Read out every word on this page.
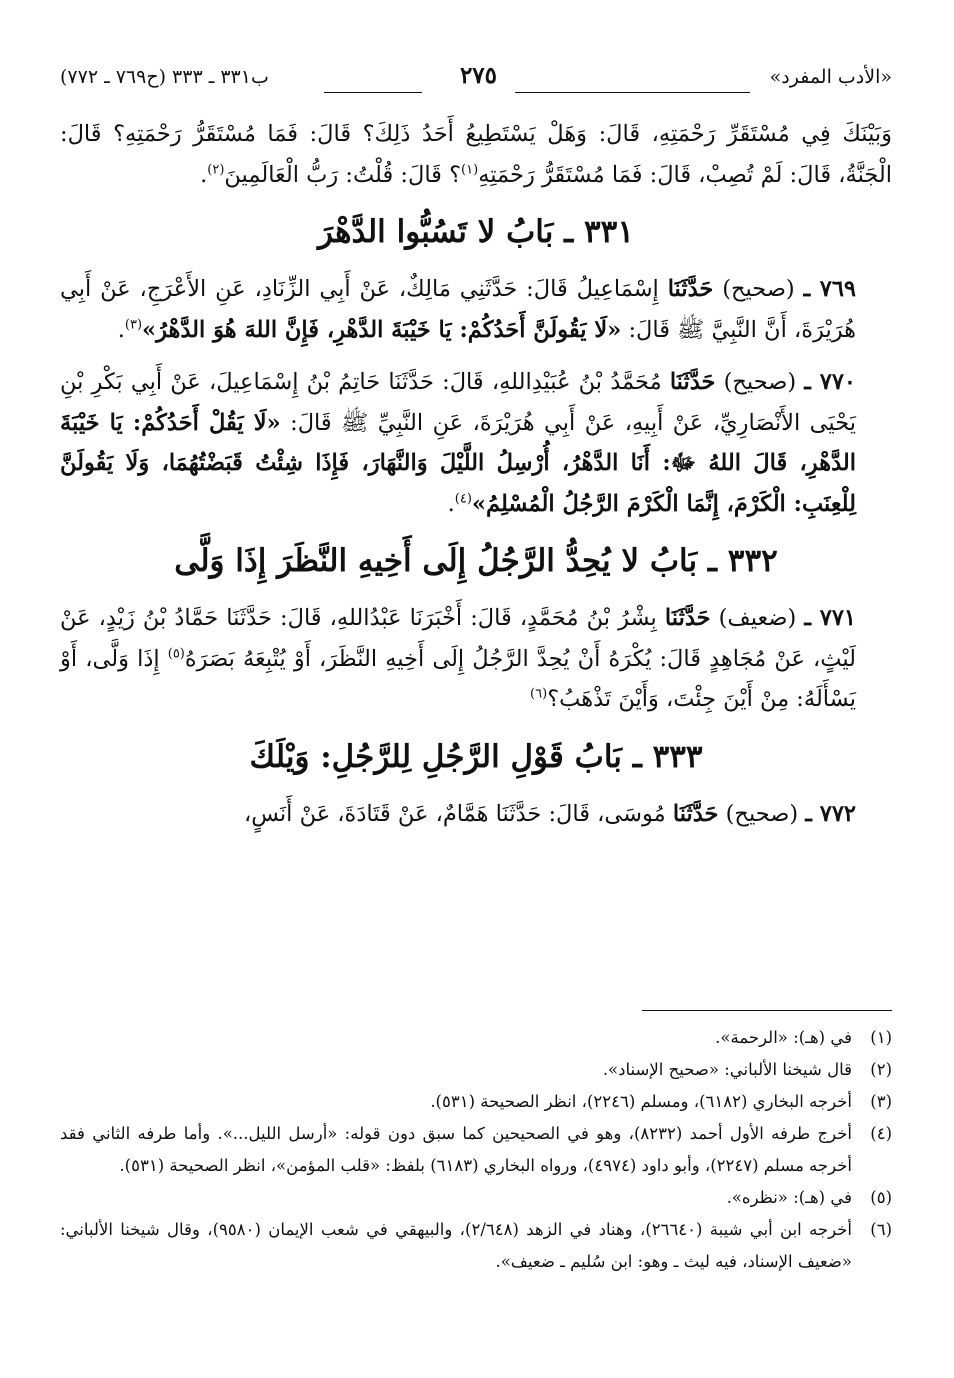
«الأدب المفرد»
٢٧٥
ب٣٣١ ـ ٣٣٣ (ح٧٦٩ ـ ٧٧٢)

وَبَيْنَكَ فِي مُسْتَقَرِّ رَحْمَتِهِ، قَالَ: وَهَلْ يَسْتَطِيعُ أَحَدُ ذَلِكَ؟ قَالَ: فَمَا مُسْتَقَرُّ رَحْمَتِهِ؟ قَالَ: الْجَنَّةُ، قَالَ: لَمْ تُصِبْ، قَالَ: فَمَا مُسْتَقَرُّ رَحْمَتِهِ$^{(١)}$؟ قَالَ: قُلْتُ: رَبُّ الْعَالَمِينَ$^{(٢)}$.

٣٣١ ـ بَابُ لا تَسُبُّوا الدَّهْرَ

٧٦٩ ـ (صحيح) حَدَّثَنَا إِسْمَاعِيلُ قَالَ: حَدَّثَنِي مَالِكٌ، عَنْ أَبِي الزِّنَادِ، عَنِ الأَعْرَجِ، عَنْ أَبِي هُرَيْرَةَ، أَنَّ النَّبِيَّ ﷺ قَالَ: «لَا يَقُولَنَّ أَحَدُكُمْ: يَا خَيْبَةَ الدَّهْرِ، فَإِنَّ اللهَ هُوَ الدَّهْرُ»$^{(٣)}$.

٧٧٠ ـ (صحيح) حَدَّثَنَا مُحَمَّدُ بْنُ عُبَيْدِاللهِ، قَالَ: حَدَّثَنَا حَاتِمُ بْنُ إِسْمَاعِيلَ، عَنْ أَبِي بَكْرِ بْنِ يَحْيَى الأَنْصَارِيِّ، عَنْ أَبِيهِ، عَنْ أَبِي هُرَيْرَةَ، عَنِ النَّبِيِّ ﷺ قَالَ: «لَا يَقُلْ أَحَدُكُمْ: يَا خَيْبَةَ الدَّهْرِ، قَالَ اللهُ ﷻ: أَنَا الدَّهْرُ، أُرْسِلُ اللَّيْلَ وَالنَّهَارَ، فَإِذَا شِئْتُ قَبَضْتُهُمَا، وَلَا يَقُولَنَّ لِلْعِنَبِ: الْكَرْمَ، إِنَّمَا الْكَرْمَ الرَّجُلُ الْمُسْلِمُ»$^{(٤)}$.

٣٣٢ ـ بَابُ لا يُحِدُّ الرَّجُلُ إِلَى أَخِيهِ النَّظَرَ إِذَا وَلَّى

٧٧١ ـ (ضعيف) حَدَّثَنَا بِشْرُ بْنُ مُحَمَّدٍ، قَالَ: أَخْبَرَنَا عَبْدُاللهِ، قَالَ: حَدَّثَنَا حَمَّادُ بْنُ زَيْدٍ، عَنْ لَيْثٍ، عَنْ مُجَاهِدٍ قَالَ: يُكْرَهُ أَنْ يُحِدَّ الرَّجُلُ إِلَى أَخِيهِ النَّظَرَ، أَوْ يُتْبِعَهُ بَصَرَهُ$^{(٥)}$ إِذَا وَلَّى، أَوْ يَسْأَلَهُ: مِنْ أَيْنَ جِئْتَ، وَأَيْنَ تَذْهَبُ؟$^{(٦)}$

٣٣٣ ـ بَابُ قَوْلِ الرَّجُلِ لِلرَّجُلِ: وَيْلَكَ

٧٧٢ ـ (صحيح) حَدَّثَنَا مُوسَى، قَالَ: حَدَّثَنَا هَمَّامٌ، عَنْ قَتَادَةَ، عَنْ أَنَسٍ،

(١)
في (هـ): «الرحمة».
(٢)
قال شيخنا الألباني: «صحيح الإسناد».
(٣)
أخرجه البخاري (٦١٨٢)، ومسلم (٢٢٤٦)، انظر الصحيحة (٥٣١).
(٤)
أخرج طرفه الأول أحمد (٨٢٣٢)، وهو في الصحيحين كما سبق دون قوله: «أرسل الليل...». وأما طرفه الثاني فقد أخرجه مسلم (٢٢٤٧)، وأبو داود (٤٩٧٤)، ورواه البخاري (٦١٨٣) بلفظ: «قلب المؤمن»، انظر الصحيحة (٥٣١).
(٥)
في (هـ): «نظره».
(٦)
أخرجه ابن أبي شيبة (٢٦٦٤٠)، وهناد في الزهد (٢/٦٤٨)، والبيهقي في شعب الإيمان (٩٥٨٠)، وقال شيخنا الألباني: «ضعيف الإسناد، فيه ليث ـ وهو: ابن سُليم ـ ضعيف».
